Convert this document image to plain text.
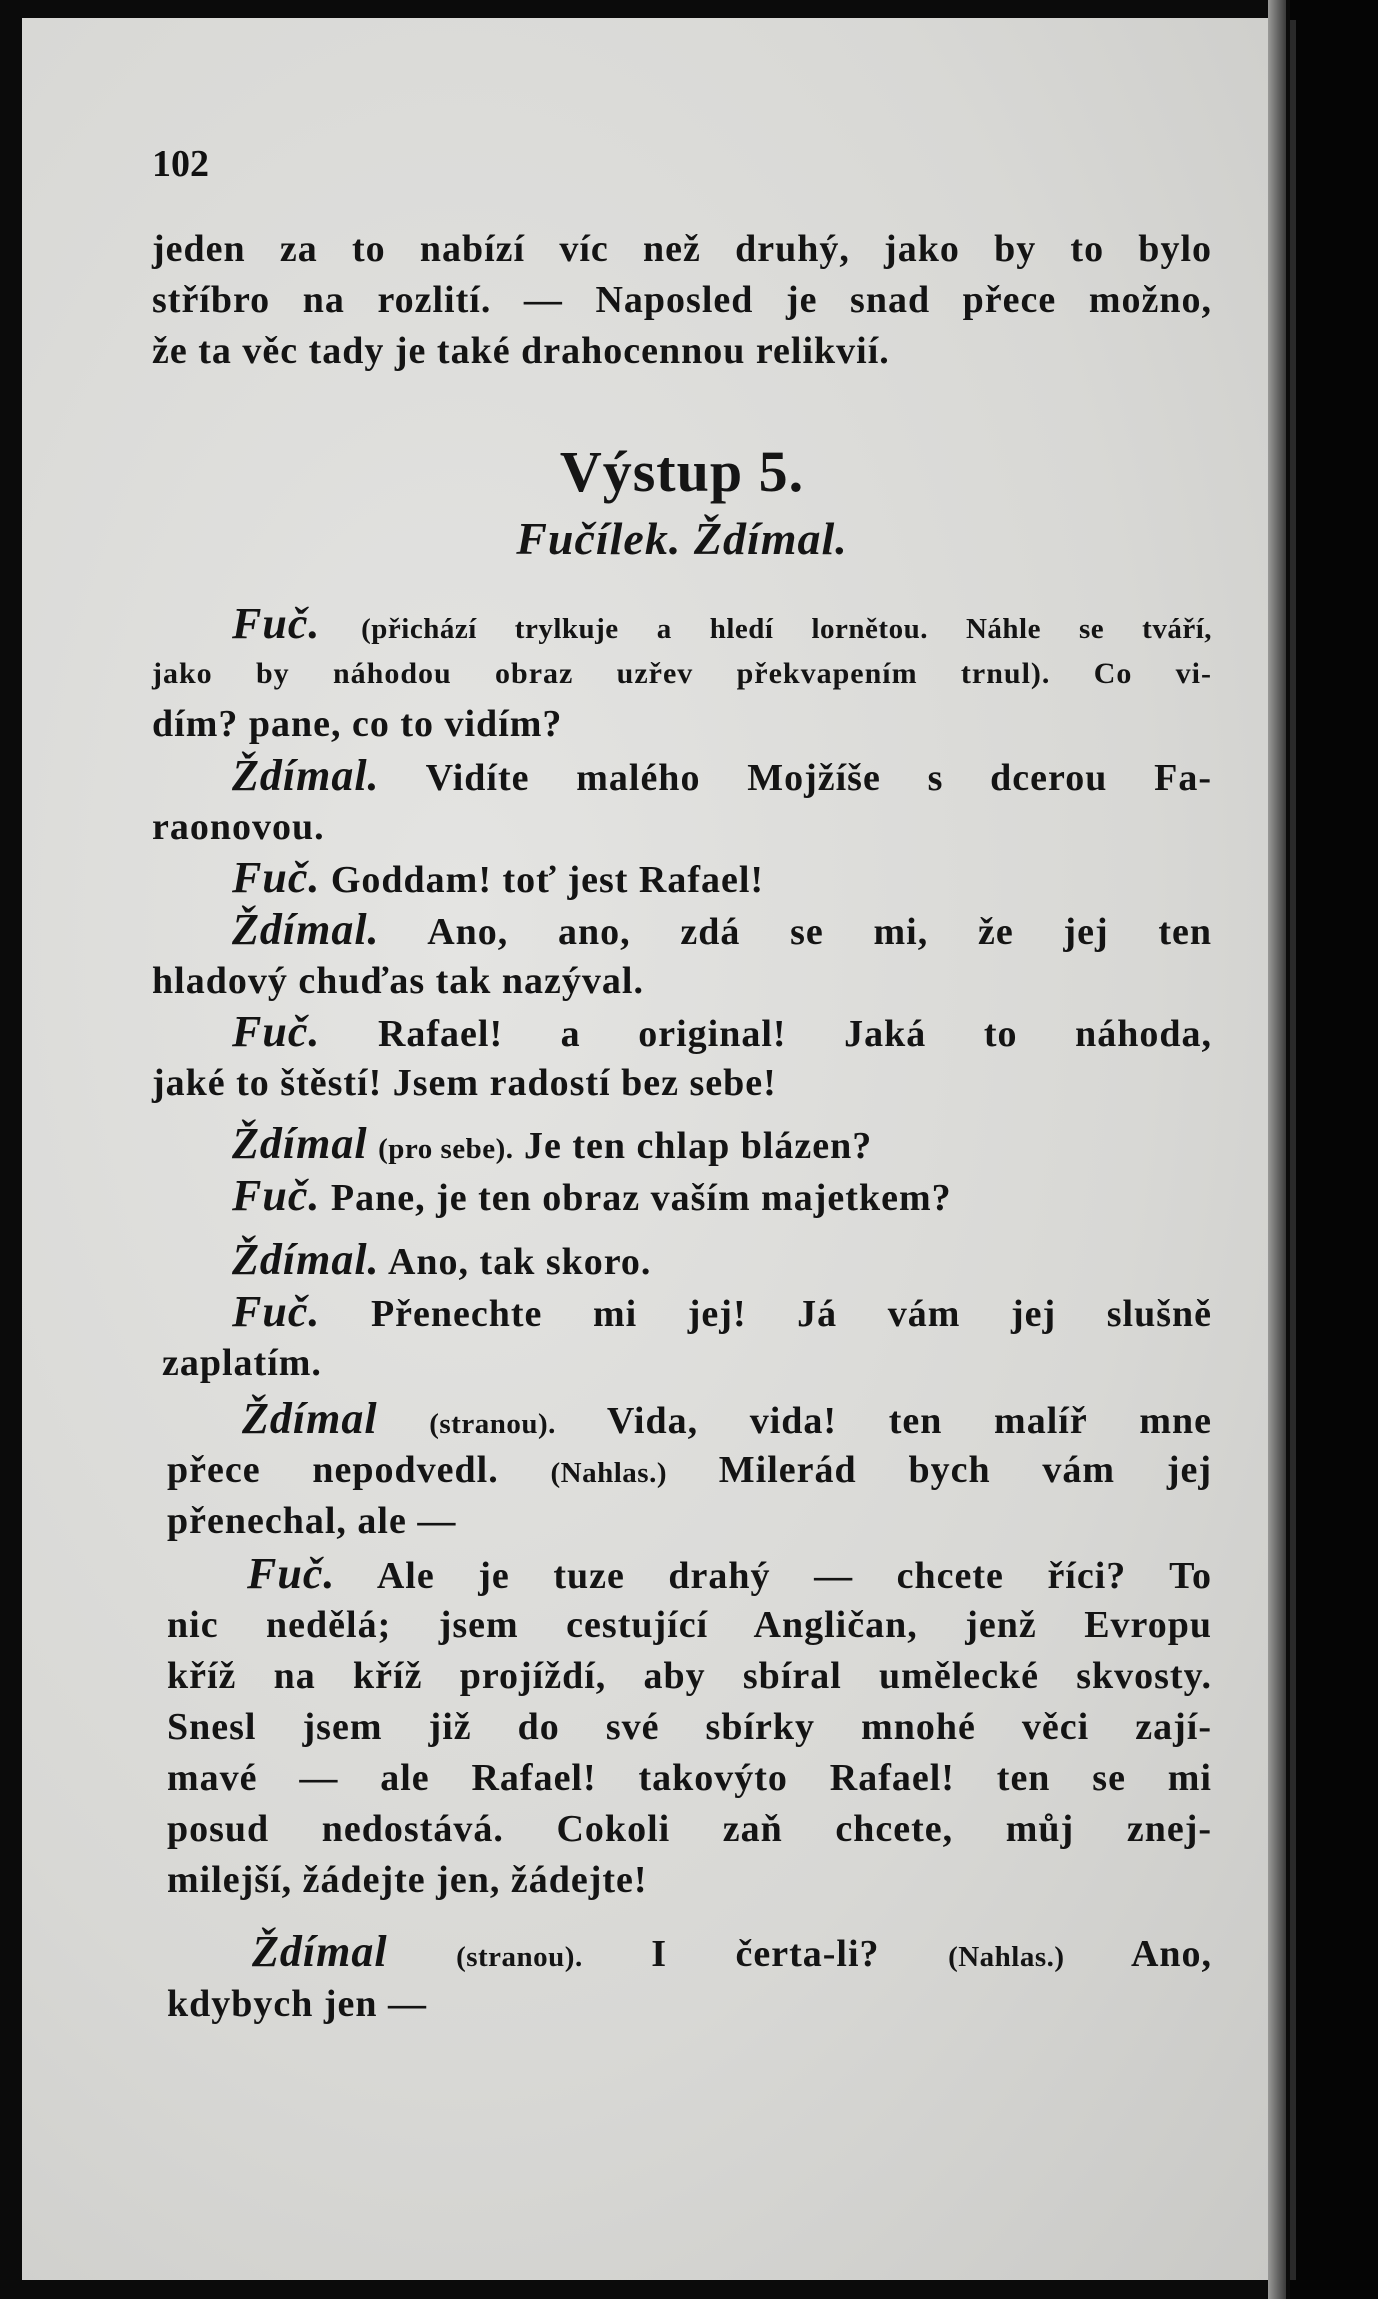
102
jeden za to nabízí víc než druhý, jako by to bylo
stříbro na rozlití. — Naposled je snad přece možno,
že ta věc tady je také drahocennou relikvií.
Výstup 5.
Fučílek. Ždímal.
Fuč. (přichází trylkuje a hledí lornětou. Náhle se tváří,
jako by náhodou obraz uzřev překvapením trnul). Co vi-
dím? pane, co to vidím?
Ždímal. Vidíte malého Mojžíše s dcerou Fa-
raonovou.
Fuč. Goddam! toť jest Rafael!
Ždímal. Ano, ano, zdá se mi, že jej ten
hladový chuďas tak nazýval.
Fuč. Rafael! a original! Jaká to náhoda,
jaké to štěstí! Jsem radostí bez sebe!
Ždímal (pro sebe). Je ten chlap blázen?
Fuč. Pane, je ten obraz vaším majetkem?
Ždímal. Ano, tak skoro.
Fuč. Přenechte mi jej! Já vám jej slušně
zaplatím.
Ždímal (stranou). Vida, vida! ten malíř mne
přece nepodvedl. (Nahlas.) Milerád bych vám jej
přenechal, ale —
Fuč. Ale je tuze drahý — chcete říci? To
nic nedělá; jsem cestující Angličan, jenž Evropu
kříž na kříž projíždí, aby sbíral umělecké skvosty.
Snesl jsem již do své sbírky mnohé věci zají-
mavé — ale Rafael! takovýto Rafael! ten se mi
posud nedostává. Cokoli zaň chcete, můj znej-
milejší, žádejte jen, žádejte!
Ždímal (stranou). I čerta-li? (Nahlas.) Ano,
kdybych jen —
